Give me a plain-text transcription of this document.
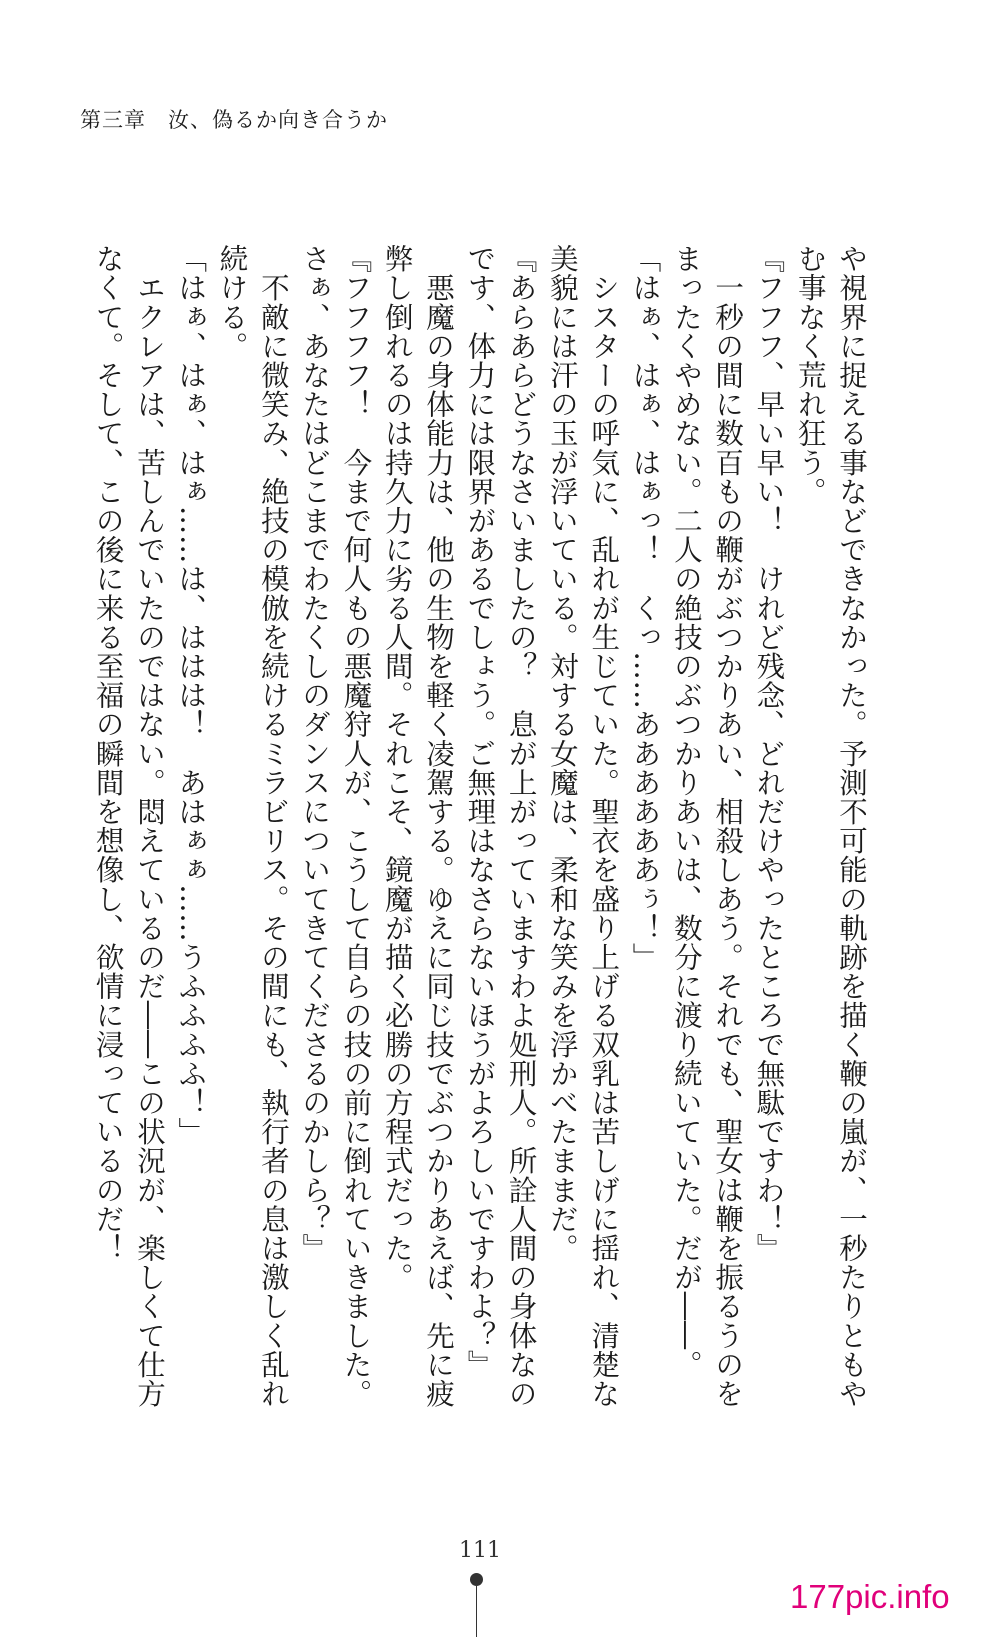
第三章　汝、偽るか向き合うか
や視界に捉える事などできなかった。予測不可能の軌跡を描く鞭の嵐が、一秒たりともや
む事なく荒れ狂う。
『フフフ、早い早い！　けれど残念、どれだけやったところで無駄ですわ！』
　一秒の間に数百もの鞭がぶつかりあい、相殺しあう。それでも、聖女は鞭を振るうのを
まったくやめない。二人の絶技のぶつかりあいは、数分に渡り続いていた。だが――。
「はぁ、はぁ、はぁっ！　くっ……ああああああぅ！」
　シスターの呼気に、乱れが生じていた。聖衣を盛り上げる双乳は苦しげに揺れ、清楚な
美貌には汗の玉が浮いている。対する女魔は、柔和な笑みを浮かべたままだ。
『あらあらどうなさいましたの？　息が上がっていますわよ処刑人。所詮人間の身体なの
です、体力には限界があるでしょう。ご無理はなさらないほうがよろしいですわよ？』
　悪魔の身体能力は、他の生物を軽く凌駕する。ゆえに同じ技でぶつかりあえば、先に疲
弊し倒れるのは持久力に劣る人間。それこそ、鏡魔が描く必勝の方程式だった。
『フフフフ！　今まで何人もの悪魔狩人が、こうして自らの技の前に倒れていきました。
さぁ、あなたはどこまでわたくしのダンスについてきてくださるのかしら？』
　不敵に微笑み、絶技の模倣を続けるミラビリス。その間にも、執行者の息は激しく乱れ
続ける。
「はぁ、はぁ、はぁ……は、ははは！　あはぁぁ……うふふふふ！」
　エクレアは、苦しんでいたのではない。悶えているのだ――この状況が、楽しくて仕方
なくて。そして、この後に来る至福の瞬間を想像し、欲情に浸っているのだ！
111
177pic.info
